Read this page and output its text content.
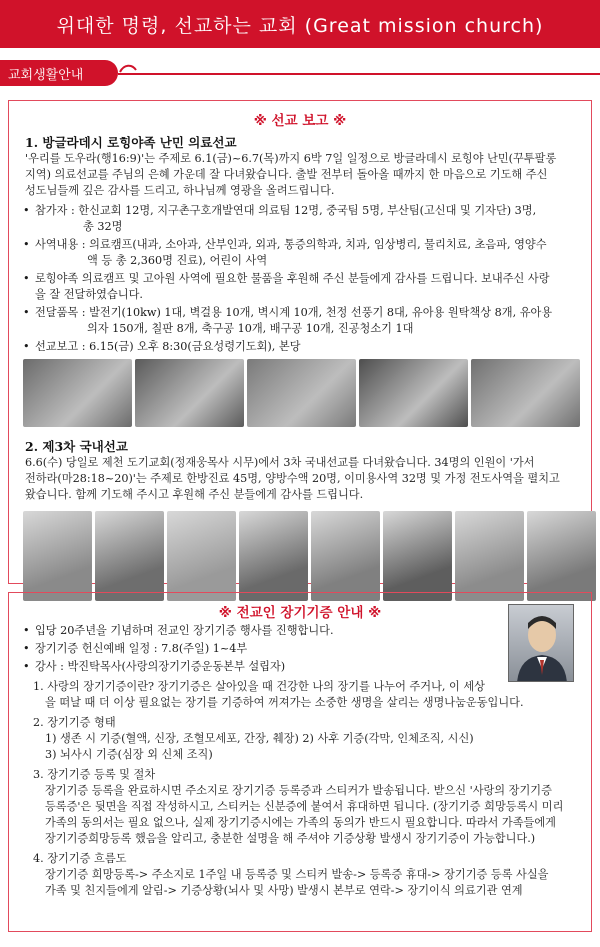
위대한 명령, 선교하는 교회 (Great mission church)
교회생활안내
※ 선교 보고 ※
1. 방글라데시 로힝야족 난민 의료선교
'우리를 도우라(행16:9)'는 주제로 6.1(금)~6.7(목)까지 6박 7일 일정으로 방글라데시 로힝야 난민(꾸투팔롱
지역) 의료선교를 주님의 은혜 가운데 잘 다녀왔습니다. 출발 전부터 돌아올 때까지 한 마음으로 기도해 주신
성도님들께 깊은 감사를 드리고, 하나님께 영광을 올려드립니다.
• 참가자 : 한신교회 12명, 지구촌구호개발연대 의료팀 12명, 중국팀 5명, 부산팀(고신대 및 기자단) 3명,
총 32명
• 사역내용 : 의료캠프(내과, 소아과, 산부인과, 외과, 통증의학과, 치과, 임상병리, 물리치료, 초음파, 영양수
액 등 총 2,360명 진료), 어린이 사역
• 로힝야족 의료캠프 및 고아원 사역에 필요한 물품을 후원해 주신 분들에게 감사를 드립니다. 보내주신 사랑
을 잘 전달하였습니다.
• 전달품목 : 발전기(10kw) 1대, 벽걸용 10개, 벽시계 10개, 천정 선풍기 8대, 유아용 원탁책상 8개, 유아용
의자 150개, 칠판 8개, 축구공 10개, 배구공 10개, 진공청소기 1대
• 선교보고 : 6.15(금) 오후 8:30(금요성령기도회), 본당
2. 제3차 국내선교
6.6(수) 당일로 제천 도기교회(정재웅목사 시무)에서 3차 국내선교를 다녀왔습니다. 34명의 인원이 '가서
전하라(마28:18~20)'는 주제로 한방진료 45명, 양방수액 20명, 이미용사역 32명 및 가정 전도사역을 펼치고
왔습니다. 함께 기도해 주시고 후원해 주신 분들에게 감사를 드립니다.
※ 전교인 장기기증 안내 ※
• 입당 20주년을 기념하며 전교인 장기기증 행사를 진행합니다.
• 장기기증 헌신예배 일정 : 7.8(주일) 1~4부
• 강사 : 박진탁목사(사랑의장기기증운동본부 설립자)
1. 사랑의 장기기증이란? 장기기증은 살아있을 때 건강한 나의 장기를 나누어 주거나, 이 세상
을 떠날 때 더 이상 필요없는 장기를 기증하여 꺼져가는 소중한 생명을 살리는 생명나눔운동입니다.
2. 장기기증 형태
1) 생존 시 기증(혈액, 신장, 조혈모세포, 간장, 췌장) 2) 사후 기증(각막, 인체조직, 시신)
3) 뇌사시 기증(심장 외 신체 조직)
3. 장기기증 등록 및 절차
장기기증 등록을 완료하시면 주소지로 장기기증 등록증과 스티커가 발송됩니다. 받으신 '사랑의 장기기증
등록증'은 뒷면을 직접 작성하시고, 스티커는 신분증에 붙여서 휴대하면 됩니다. (장기기증 희망등록시 미리
가족의 동의서는 필요 없으나, 실제 장기기증시에는 가족의 동의가 반드시 필요합니다. 따라서 가족들에게
장기기증희망등록 했음을 알리고, 충분한 설명을 해 주셔야 기증상황 발생시 장기기증이 가능합니다.)
4. 장기기증 흐름도
장기기증 희망등록-> 주소지로 1주일 내 등록증 및 스티커 발송-> 등록증 휴대-> 장기기증 등록 사실을
가족 및 친지들에게 알림-> 기증상황(뇌사 및 사망) 발생시 본부로 연락-> 장기이식 의료기관 연계
